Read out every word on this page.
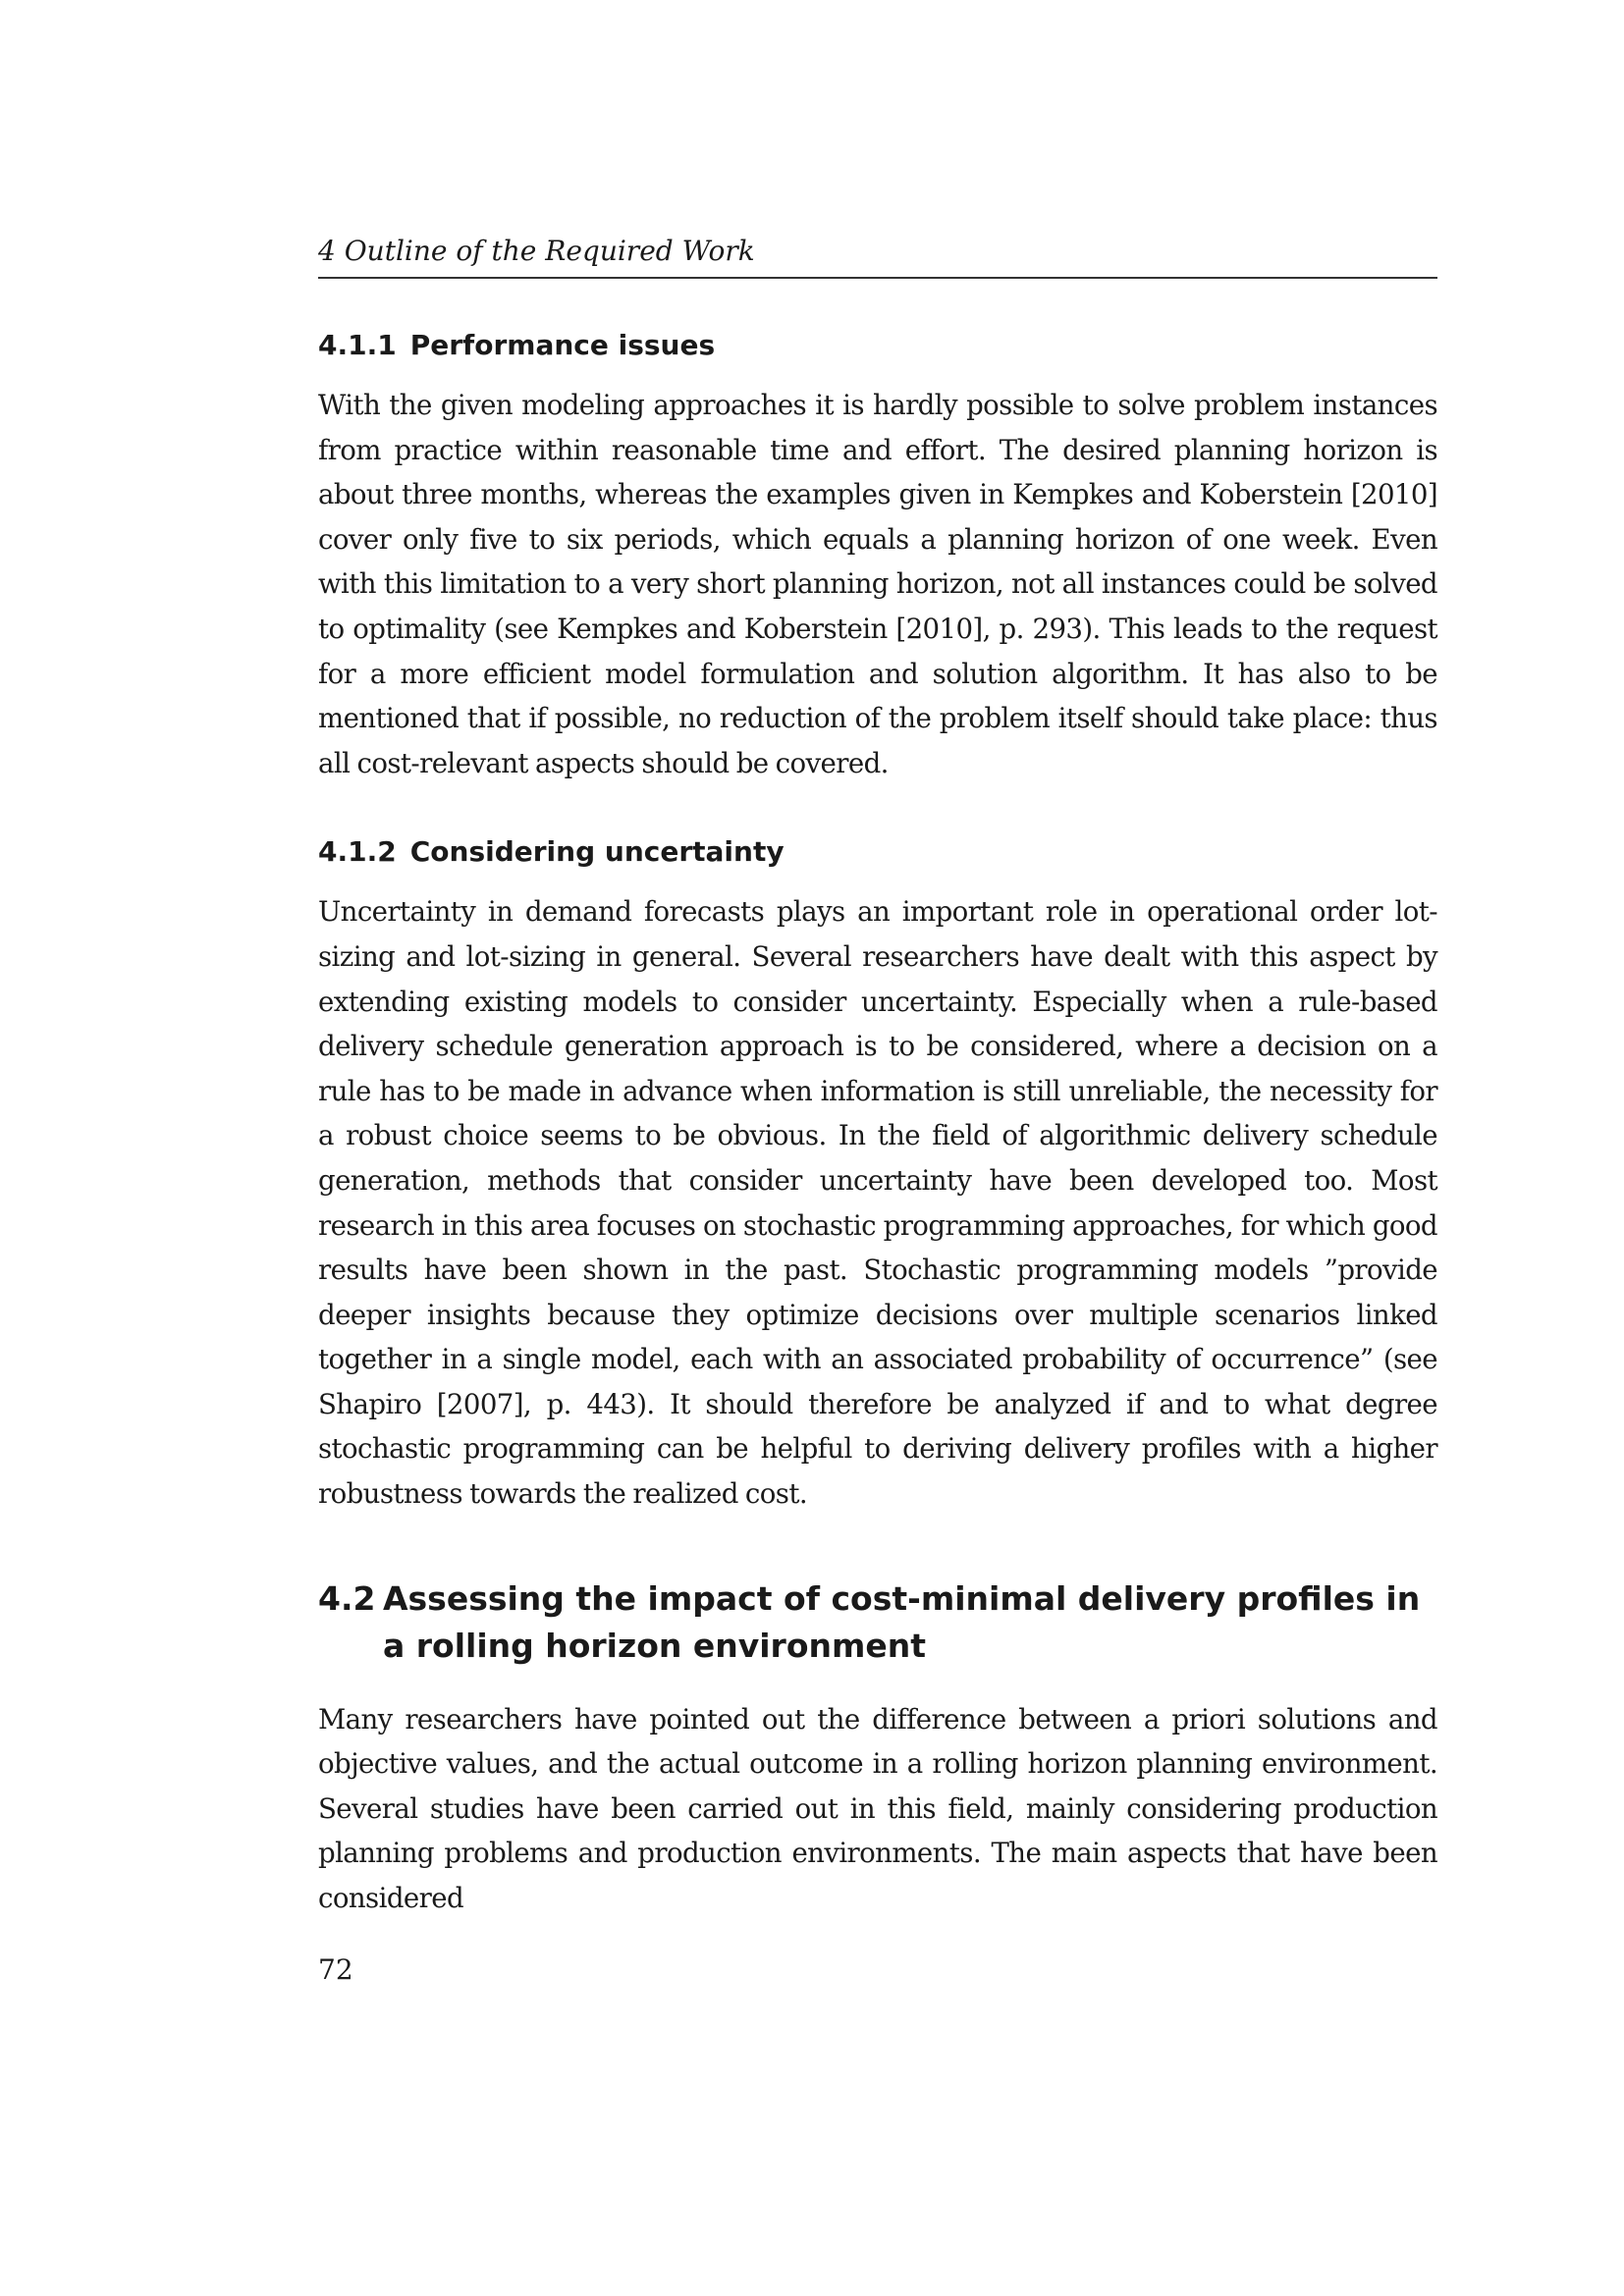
4 Outline of the Required Work
4.1.1 Performance issues

With the given modeling approaches it is hardly possible to solve problem instances from practice within reasonable time and effort. The desired planning horizon is about three months, whereas the examples given in Kempkes and Koberstein [2010] cover only five to six periods, which equals a planning horizon of one week. Even with this limitation to a very short planning horizon, not all instances could be solved to optimality (see Kempkes and Koberstein [2010], p. 293). This leads to the request for a more efficient model formulation and solution algorithm. It has also to be mentioned that if possible, no reduction of the problem itself should take place: thus all cost-relevant aspects should be covered.

4.1.2 Considering uncertainty

Uncertainty in demand forecasts plays an important role in operational order lot-sizing and lot-sizing in general. Several researchers have dealt with this aspect by extending existing models to consider uncertainty. Especially when a rule-based delivery schedule generation approach is to be considered, where a decision on a rule has to be made in advance when information is still unreliable, the necessity for a robust choice seems to be obvious. In the field of algorithmic delivery schedule generation, methods that consider uncertainty have been developed too. Most research in this area focuses on stochastic programming approaches, for which good results have been shown in the past. Stochastic programming models ”provide deeper insights because they optimize decisions over multiple scenarios linked together in a single model, each with an associated probability of occurrence” (see Shapiro [2007], p. 443). It should therefore be analyzed if and to what degree stochastic programming can be helpful to deriving delivery profiles with a higher robustness towards the realized cost.

4.2 Assessing the impact of cost-minimal delivery profiles in a rolling horizon environment

Many researchers have pointed out the difference between a priori solutions and objective values, and the actual outcome in a rolling horizon planning environment. Several studies have been carried out in this field, mainly considering production planning problems and production environments. The main aspects that have been considered

72
